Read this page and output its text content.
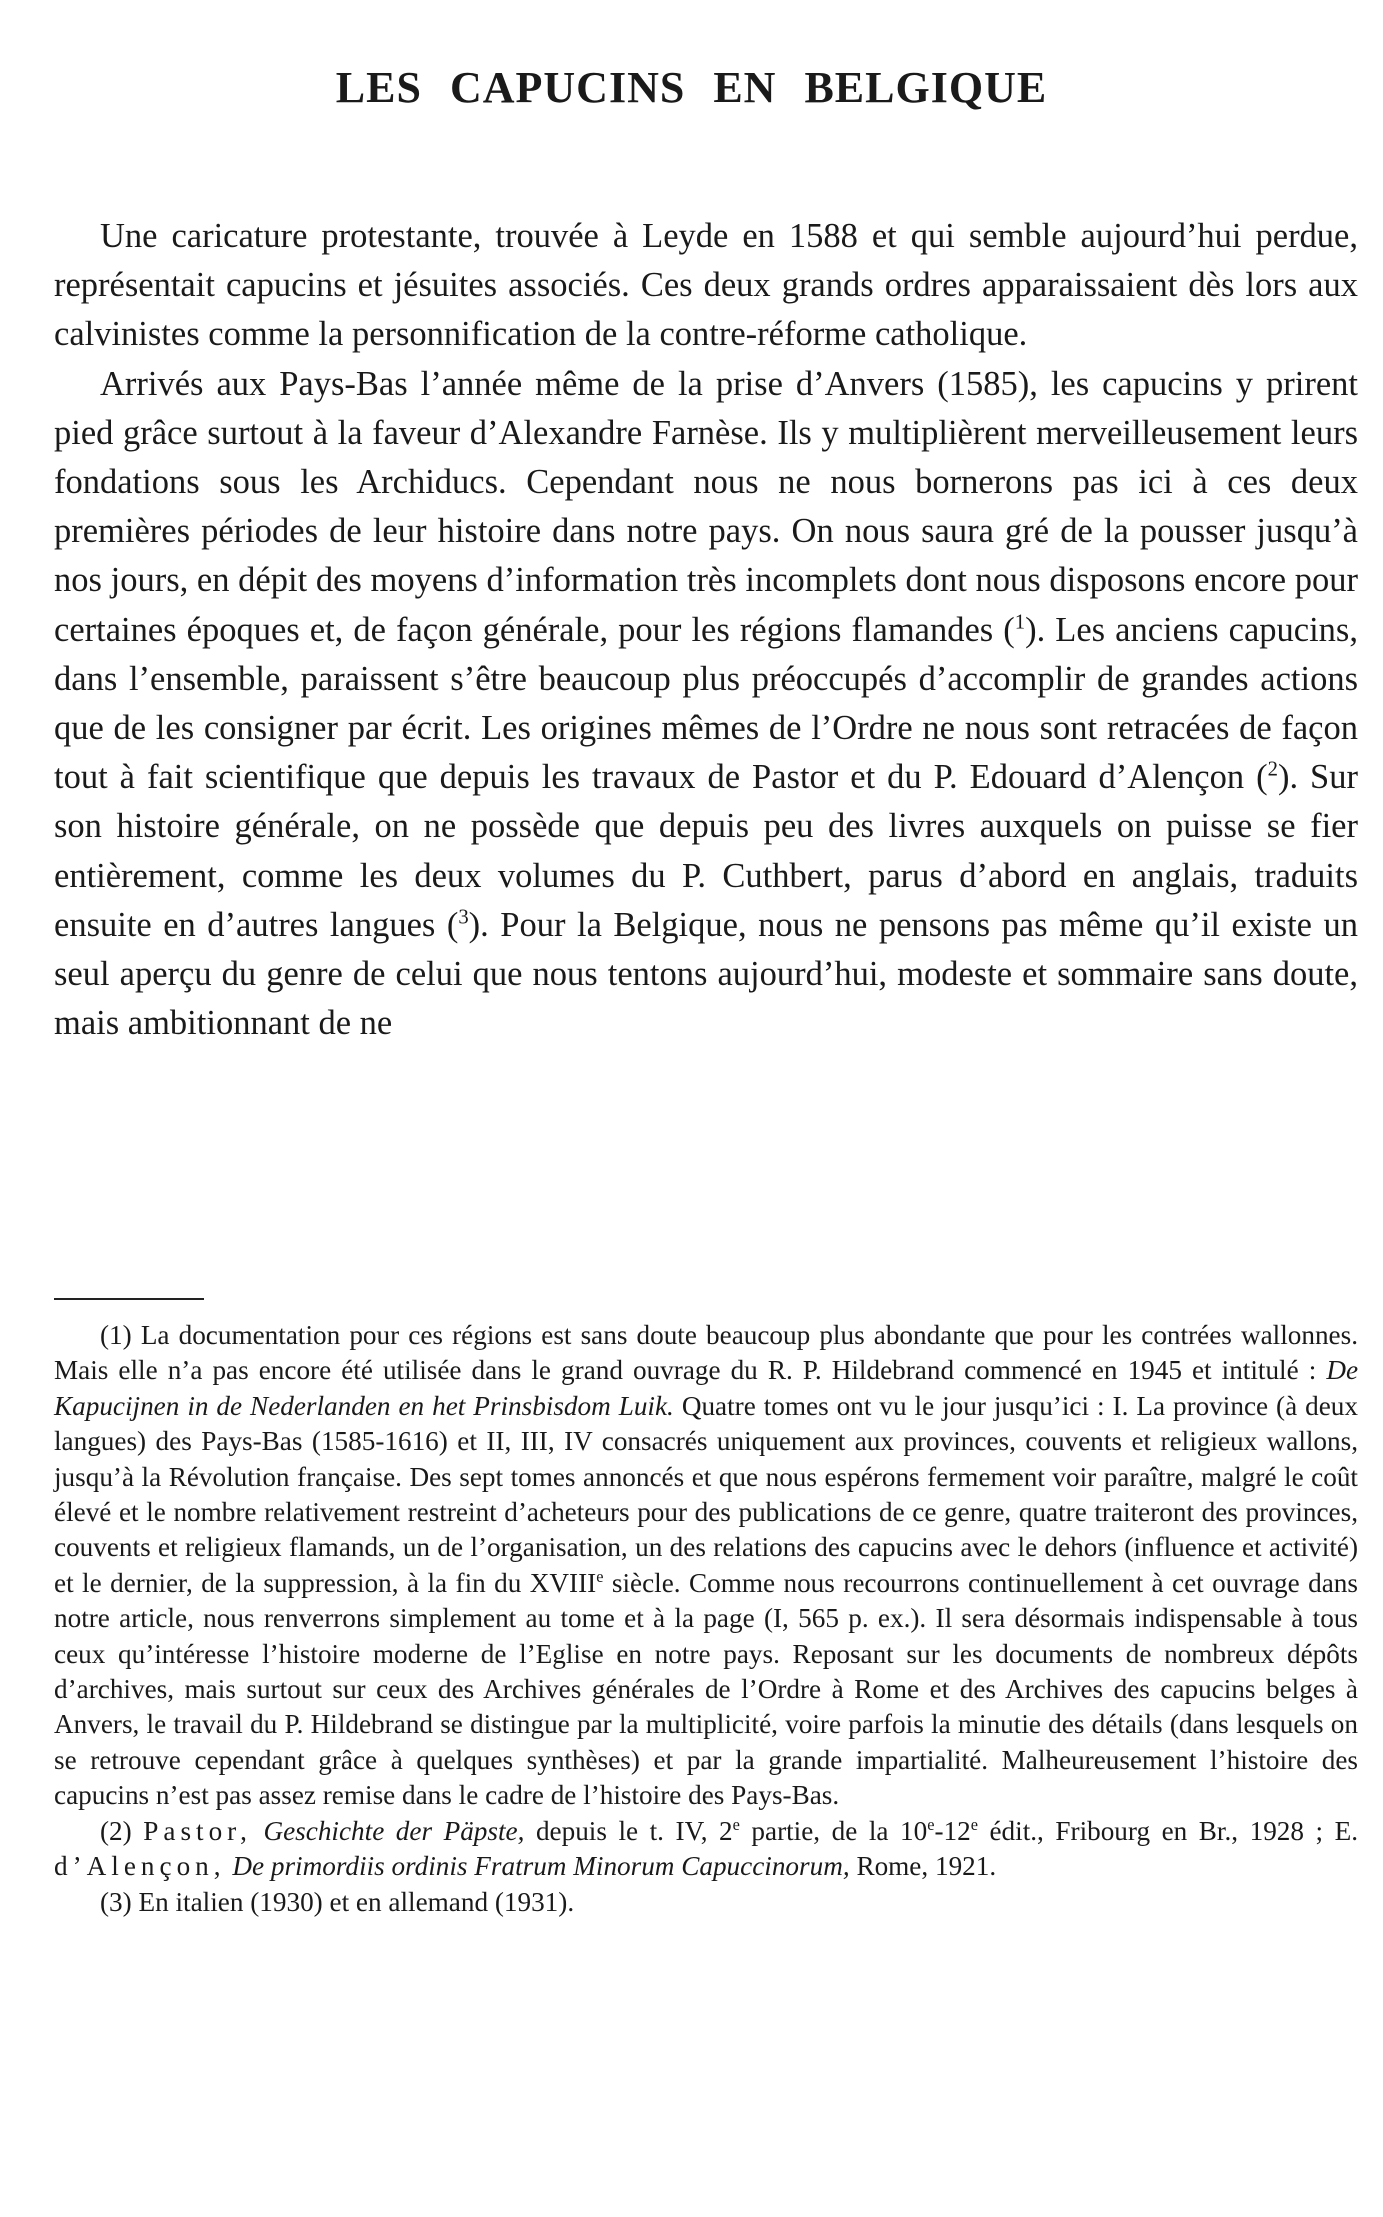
LES CAPUCINS EN BELGIQUE

Une caricature protestante, trouvée à Leyde en 1588 et qui semble aujourd’hui perdue, représentait capucins et jésuites associés. Ces deux grands ordres apparaissaient dès lors aux calvinistes comme la personnification de la contre-réforme catholique.

Arrivés aux Pays-Bas l’année même de la prise d’Anvers (1585), les capucins y prirent pied grâce surtout à la faveur d’Alexandre Farnèse. Ils y multiplièrent merveilleusement leurs fondations sous les Archiducs. Cependant nous ne nous bornerons pas ici à ces deux premières périodes de leur histoire dans notre pays. On nous saura gré de la pousser jusqu’à nos jours, en dépit des moyens d’information très incomplets dont nous disposons encore pour certaines époques et, de façon générale, pour les régions flamandes ($^1$). Les anciens capucins, dans l’ensemble, paraissent s’être beaucoup plus préoccupés d’accomplir de grandes actions que de les consigner par écrit. Les origines mêmes de l’Ordre ne nous sont retracées de façon tout à fait scientifique que depuis les travaux de Pastor et du P. Edouard d’Alençon ($^2$). Sur son histoire générale, on ne possède que depuis peu des livres auxquels on puisse se fier entièrement, comme les deux volumes du P. Cuthbert, parus d’abord en anglais, traduits ensuite en d’autres langues ($^3$). Pour la Belgique, nous ne pensons pas même qu’il existe un seul aperçu du genre de celui que nous tentons aujourd’hui, modeste et sommaire sans doute, mais ambitionnant de ne

(1) La documentation pour ces régions est sans doute beaucoup plus abondante que pour les contrées wallonnes. Mais elle n’a pas encore été utilisée dans le grand ouvrage du R. P. Hildebrand commencé en 1945 et intitulé : De Kapucijnen in de Nederlanden en het Prinsbisdom Luik. Quatre tomes ont vu le jour jusqu’ici : I. La province (à deux langues) des Pays-Bas (1585-1616) et II, III, IV consacrés uniquement aux provinces, couvents et religieux wallons, jusqu’à la Révolution française. Des sept tomes annoncés et que nous espérons fermement voir paraître, malgré le coût élevé et le nombre relativement restreint d’acheteurs pour des publications de ce genre, quatre traiteront des provinces, couvents et religieux flamands, un de l’organisation, un des relations des capucins avec le dehors (influence et activité) et le dernier, de la suppression, à la fin du XVIIIe siècle. Comme nous recourrons continuellement à cet ouvrage dans notre article, nous renverrons simplement au tome et à la page (I, 565 p. ex.). Il sera désormais indispensable à tous ceux qu’intéresse l’histoire moderne de l’Eglise en notre pays. Reposant sur les documents de nombreux dépôts d’archives, mais surtout sur ceux des Archives générales de l’Ordre à Rome et des Archives des capucins belges à Anvers, le travail du P. Hildebrand se distingue par la multiplicité, voire parfois la minutie des détails (dans lesquels on se retrouve cependant grâce à quelques synthèses) et par la grande impartialité. Malheureusement l’histoire des capucins n’est pas assez remise dans le cadre de l’histoire des Pays-Bas.

(2) Pastor, Geschichte der Päpste, depuis le t. IV, 2e partie, de la 10e-12e édit., Fribourg en Br., 1928 ; E. d’Alençon, De primordiis ordinis Fratrum Minorum Capuccinorum, Rome, 1921.

(3) En italien (1930) et en allemand (1931).
